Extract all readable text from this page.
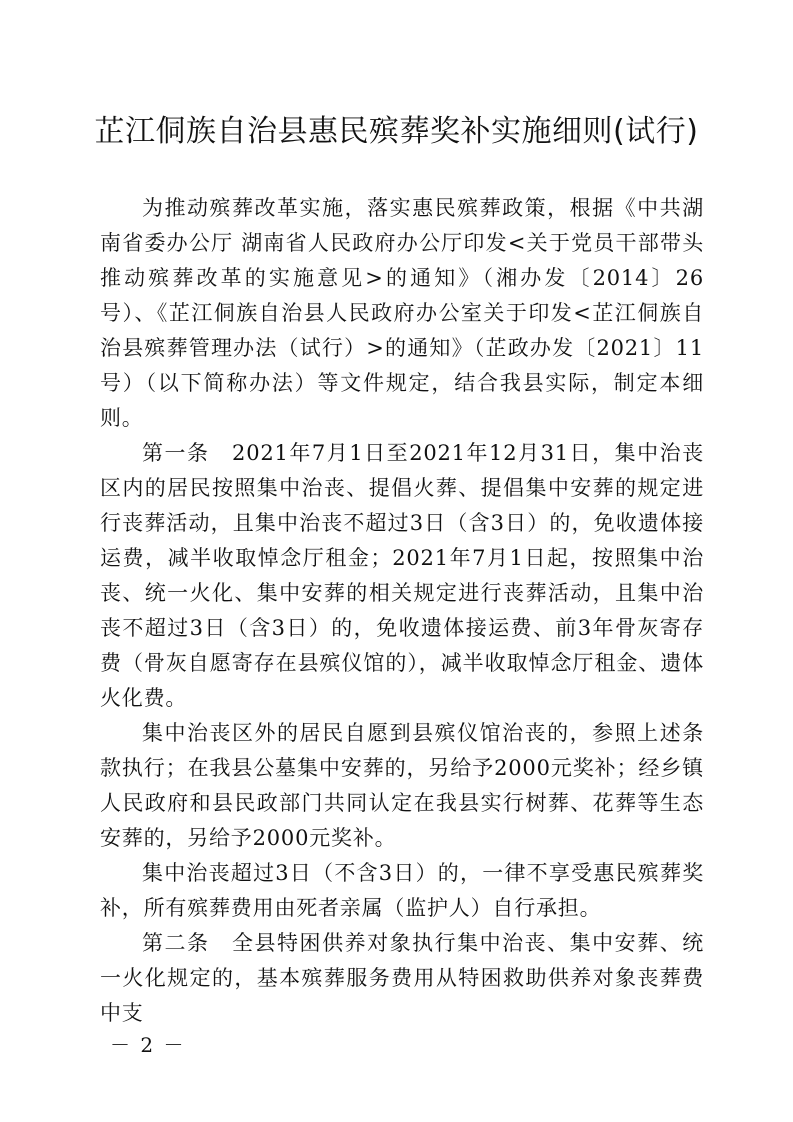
芷江侗族自治县惠民殡葬奖补实施细则(试行)

为推动殡葬改革实施，落实惠民殡葬政策，根据《中共湖南省委办公厅 湖南省人民政府办公厅印发<关于党员干部带头推动殡葬改革的实施意见>的通知》（湘办发〔2014〕26号）、《芷江侗族自治县人民政府办公室关于印发<芷江侗族自治县殡葬管理办法（试行）>的通知》（芷政办发〔2021〕11号）（以下简称办法）等文件规定，结合我县实际，制定本细则。

第一条　2021年7月1日至2021年12月31日，集中治丧区内的居民按照集中治丧、提倡火葬、提倡集中安葬的规定进行丧葬活动，且集中治丧不超过3日（含3日）的，免收遗体接运费，减半收取悼念厅租金；2021年7月1日起，按照集中治丧、统一火化、集中安葬的相关规定进行丧葬活动，且集中治丧不超过3日（含3日）的，免收遗体接运费、前3年骨灰寄存费（骨灰自愿寄存在县殡仪馆的），减半收取悼念厅租金、遗体火化费。

集中治丧区外的居民自愿到县殡仪馆治丧的，参照上述条款执行；在我县公墓集中安葬的，另给予2000元奖补；经乡镇人民政府和县民政部门共同认定在我县实行树葬、花葬等生态安葬的，另给予2000元奖补。

集中治丧超过3日（不含3日）的，一律不享受惠民殡葬奖补，所有殡葬费用由死者亲属（监护人）自行承担。

第二条　全县特困供养对象执行集中治丧、集中安葬、统一火化规定的，基本殡葬服务费用从特困救助供养对象丧葬费中支

－ 2 －
